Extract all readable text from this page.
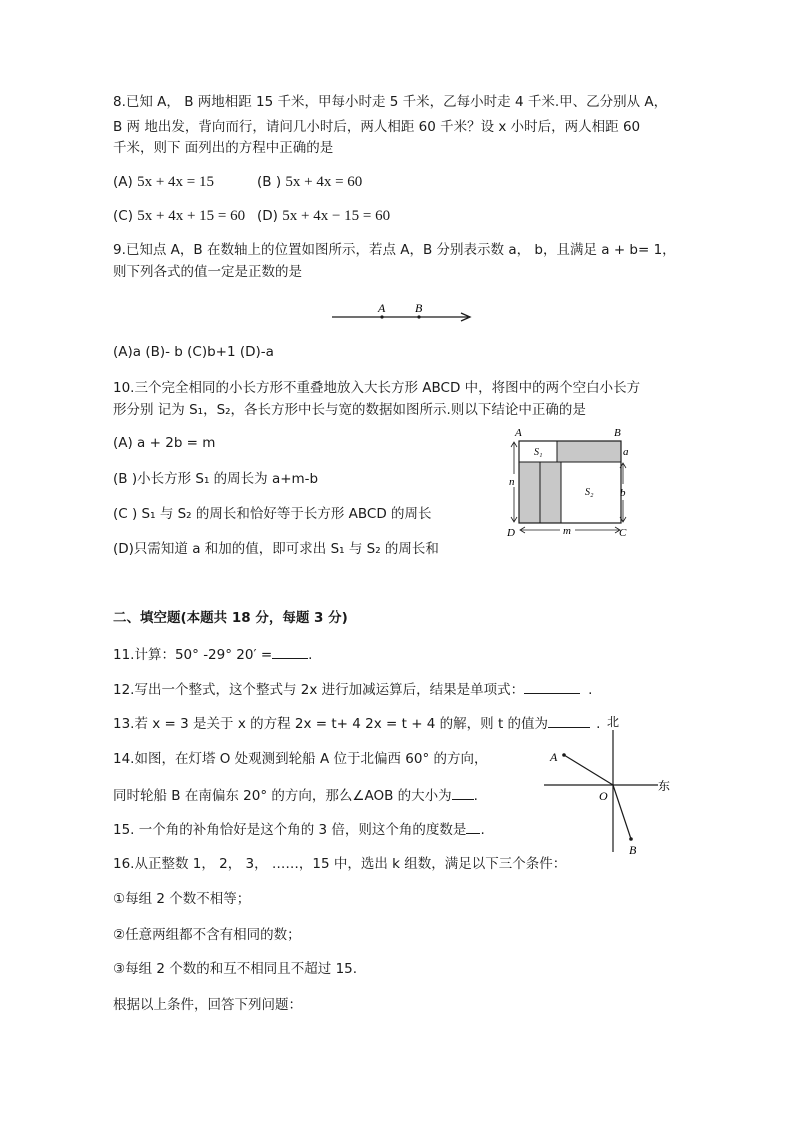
8.已知 A， B 两地相距 15 千米，甲每小时走 5 千米，乙每小时走 4 千米.甲、乙分别从 A，
B 两 地出发，背向而行，请问几小时后，两人相距 60 千米？设 x 小时后，两人相距 60
千米，则下 面列出的方程中正确的是
(A) 5x + 4x = 15	(B ) 5x + 4x = 60
(C) 5x + 4x + 15 = 60 (D) 5x + 4x − 15 = 60
9.已知点 A，B 在数轴上的位置如图所示，若点 A，B 分别表示数 a， b，且满足 a + b= 1，
则下列各式的值一定是正数的是
A B
(A)a (B)- b (C)b+1 (D)-a
10.三个完全相同的小长方形不重叠地放入大长方形 ABCD 中，将图中的两个空白小长方
形分别 记为 S₁，S₂，各长方形中长与宽的数据如图所示.则以下结论中正确的是
(A) a + 2b = m
(B )小长方形 S₁ 的周长为 a+m-b
(C ) S₁ 与 S₂ 的周长和恰好等于长方形 ABCD 的周长
(D)只需知道 a 和加的值，即可求出 S₁ 与 S₂ 的周长和
A	B
D	C
S₁
S₂
a
b
n
m
二、填空题(本题共 18 分，每题 3 分)
11.计算：50° -29° 20′ =	.
12.写出一个整式，这个整式与 2x 进行加减运算后，结果是单项式：	.
13.若 x = 3 是关于 x 的方程 2x = t+ 4 2x = t + 4 的解，则 t 的值为	.
14.如图，在灯塔 O 处观测到轮船 A 位于北偏西 60° 的方向，
同时轮船 B 在南偏东 20° 的方向，那么∠AOB 的大小为 .
北
东
A
B
O
15. 一个角的补角恰好是这个角的 3 倍，则这个角的度数是 .
16.从正整数 1， 2， 3， ……，15 中，选出 k 组数，满足以下三个条件：
①每组 2 个数不相等；
②任意两组都不含有相同的数；
③每组 2 个数的和互不相同且不超过 15.
根据以上条件，回答下列问题：
